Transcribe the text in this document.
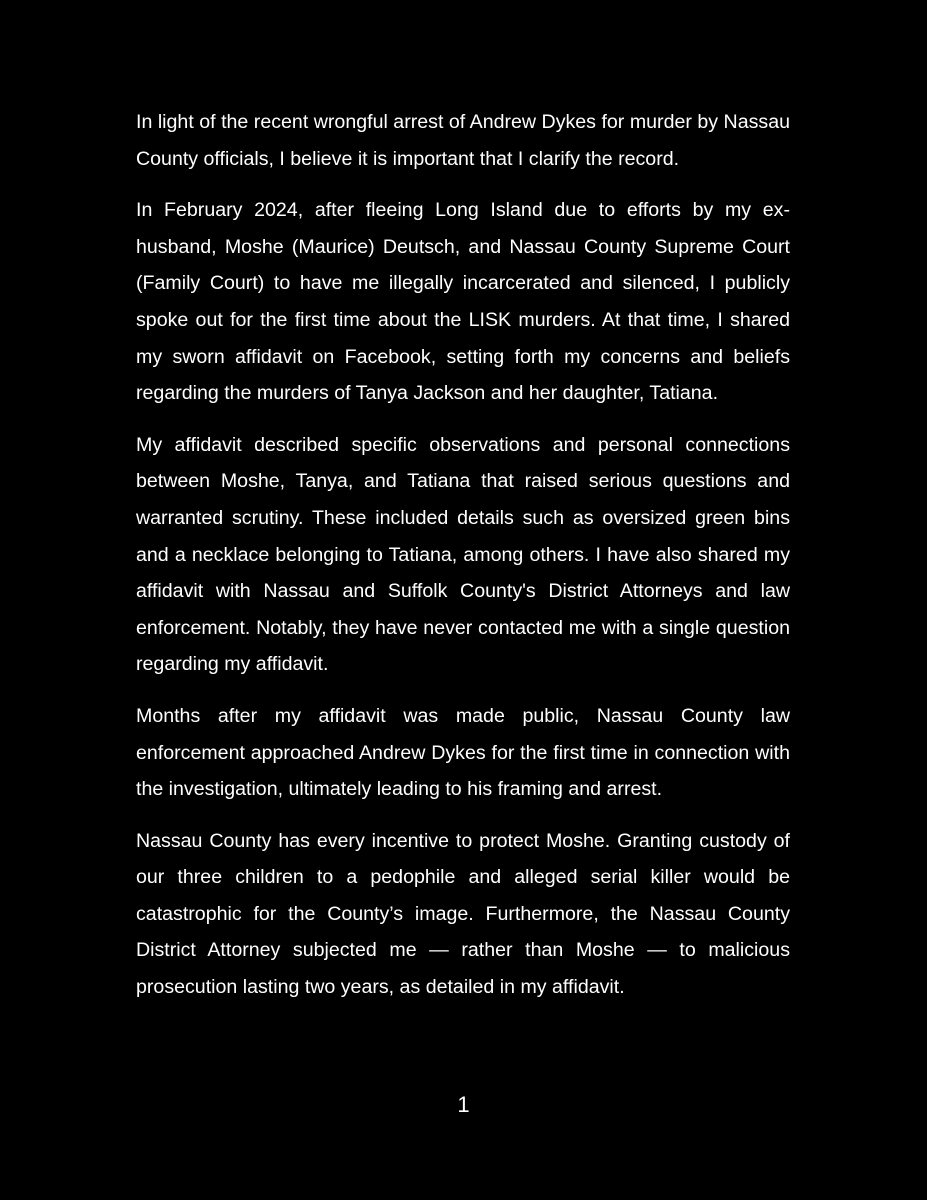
In light of the recent wrongful arrest of Andrew Dykes for murder by Nassau County officials, I believe it is important that I clarify the record.

In February 2024, after fleeing Long Island due to efforts by my ex-husband, Moshe (Maurice) Deutsch, and Nassau County Supreme Court (Family Court) to have me illegally incarcerated and silenced, I publicly spoke out for the first time about the LISK murders. At that time, I shared my sworn affidavit on Facebook, setting forth my concerns and beliefs regarding the murders of Tanya Jackson and her daughter, Tatiana.

My affidavit described specific observations and personal connections between Moshe, Tanya, and Tatiana that raised serious questions and warranted scrutiny. These included details such as oversized green bins and a necklace belonging to Tatiana, among others. I have also shared my affidavit with Nassau and Suffolk County's District Attorneys and law enforcement. Notably, they have never contacted me with a single question regarding my affidavit.

Months after my affidavit was made public, Nassau County law enforcement approached Andrew Dykes for the first time in connection with the investigation, ultimately leading to his framing and arrest.

Nassau County has every incentive to protect Moshe. Granting custody of our three children to a pedophile and alleged serial killer would be catastrophic for the County’s image. Furthermore, the Nassau County District Attorney subjected me — rather than Moshe — to malicious prosecution lasting two years, as detailed in my affidavit.

1
